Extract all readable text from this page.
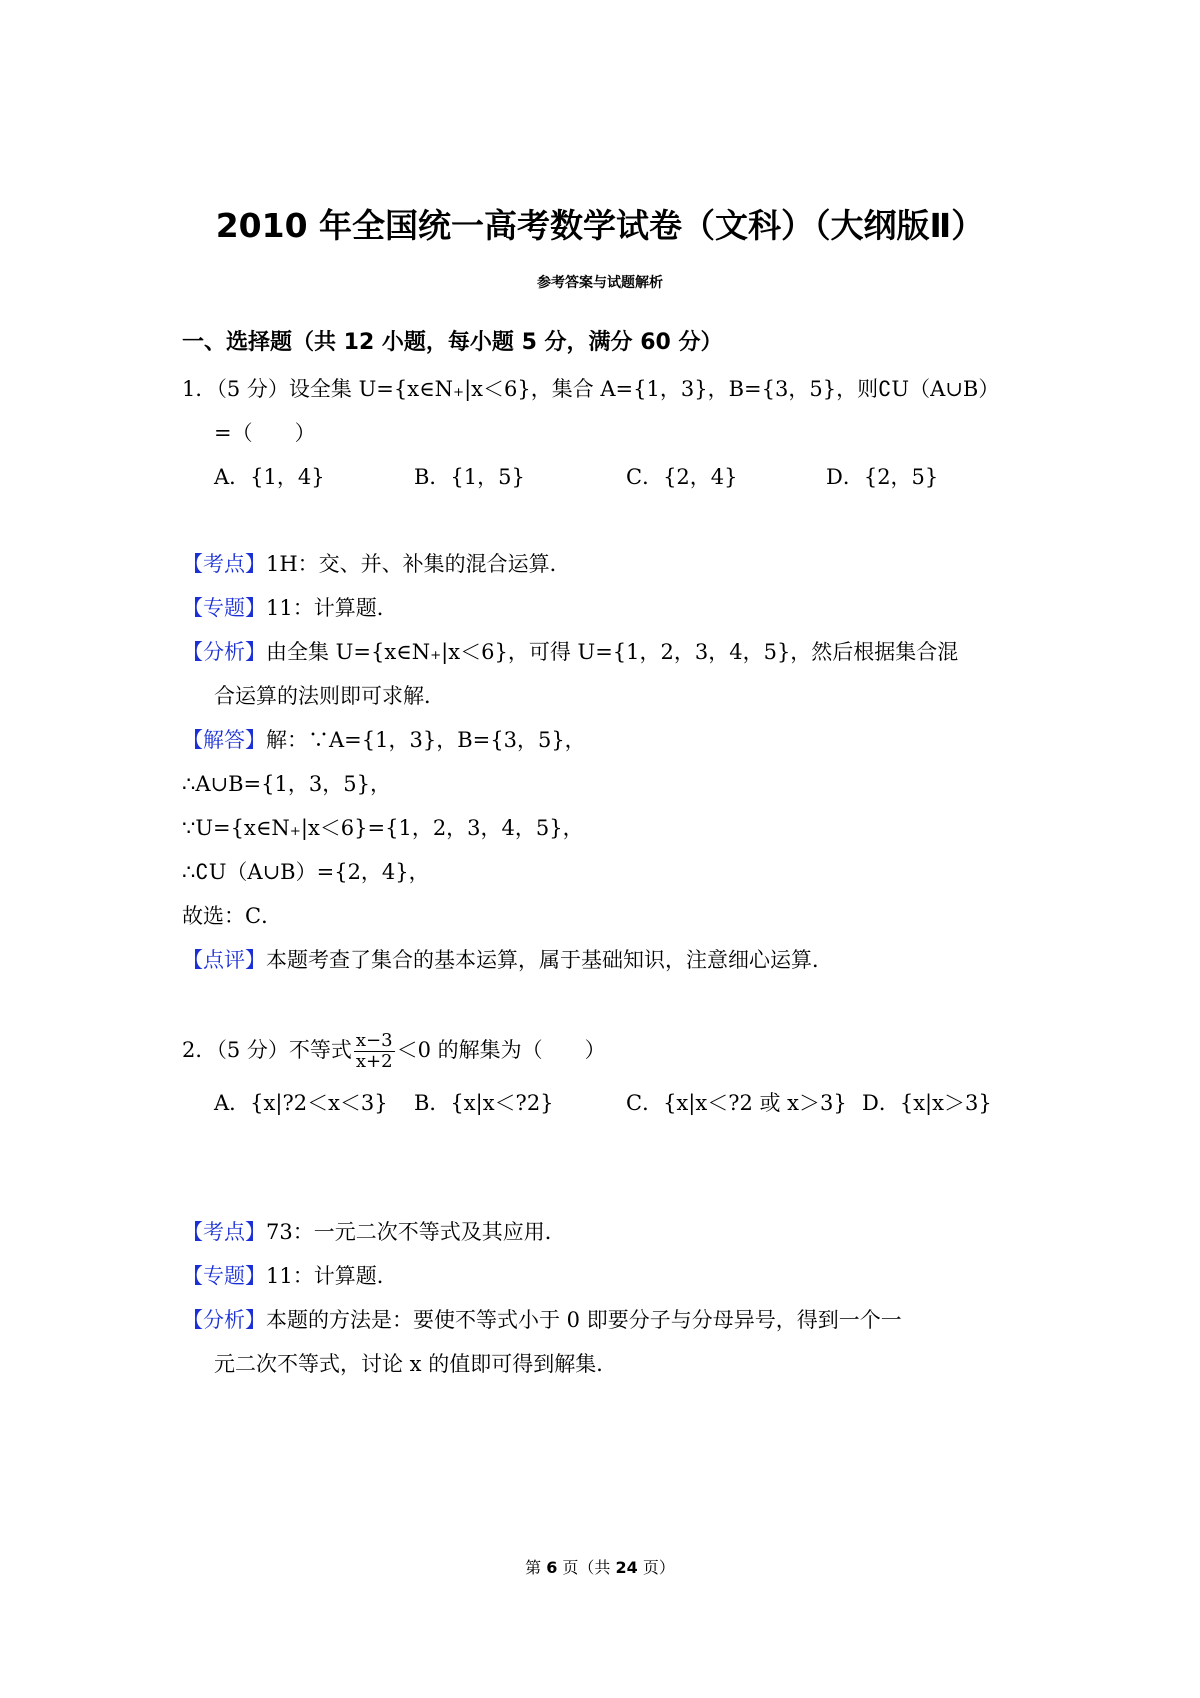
2010 年全国统一高考数学试卷（文科）（大纲版Ⅱ）
参考答案与试题解析
一、选择题（共 12 小题，每小题 5 分，满分 60 分）
1．（5 分）设全集 U={x∈N₊|x＜6}，集合 A={1，3}，B={3，5}，则∁U（A∪B）
=（　　）
A．{1，4}	B．{1，5}	C．{2，4}	D．{2，5}
【考点】1H：交、并、补集的混合运算．
【专题】11：计算题．
【分析】由全集 U={x∈N₊|x＜6}，可得 U={1，2，3，4，5}，然后根据集合混
合运算的法则即可求解．
【解答】解：∵A={1，3}，B={3，5}，
∴A∪B={1，3，5}，
∵U={x∈N₊|x＜6}={1，2，3，4，5}，
∴∁U（A∪B）={2，4}，
故选：C．
【点评】本题考查了集合的基本运算，属于基础知识，注意细心运算．
2．（5 分）不等式 $\frac{x-3}{x+2} <0$ 的解集为（　　）
A．{x|?2＜x＜3} B．{x|x＜?2}	C．{x|x＜?2 或 x＞3} D．{x|x＞3}
【考点】73：一元二次不等式及其应用．
【专题】11：计算题．
【分析】本题的方法是：要使不等式小于 0 即要分子与分母异号，得到一个一
元二次不等式，讨论 x 的值即可得到解集．
第 6 页（共 24 页）
